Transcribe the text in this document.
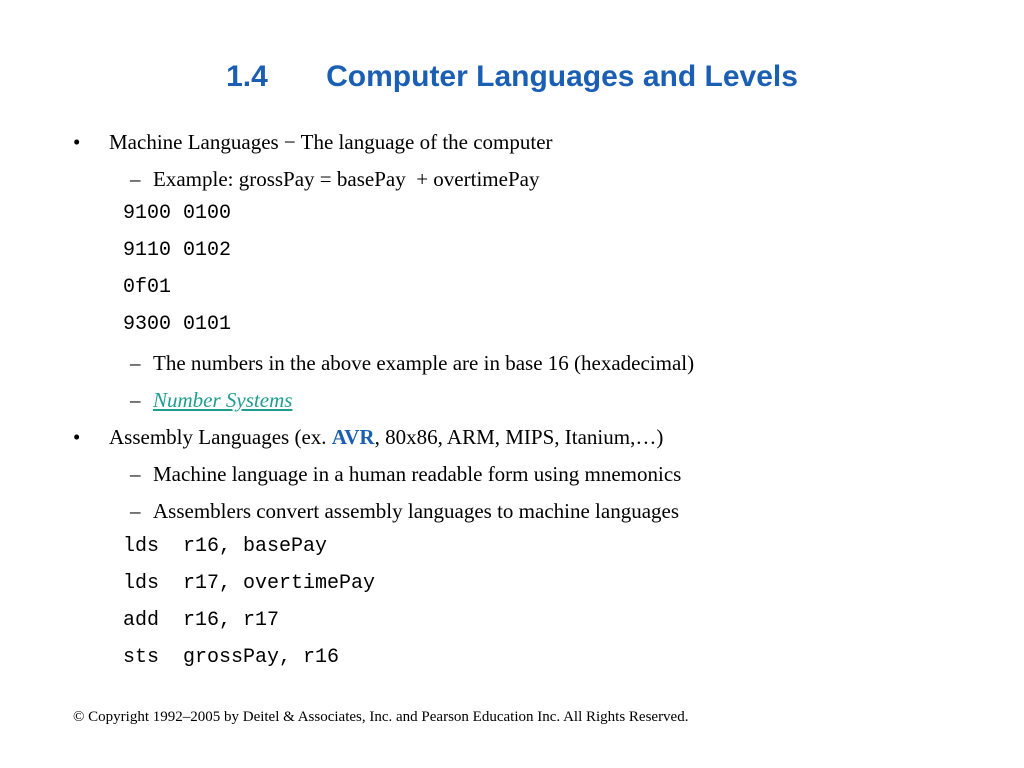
1.4       Computer Languages and Levels
• Machine Languages − The language of the computer
– Example: grossPay = basePay  + overtimePay
9100 0100
9110 0102
0f01
9300 0101
– The numbers in the above example are in base 16 (hexadecimal)
– Number Systems
• Assembly Languages (ex. AVR, 80x86, ARM, MIPS, Itanium,…)
– Machine language in a human readable form using mnemonics
– Assemblers convert assembly languages to machine languages
lds  r16, basePay
lds  r17, overtimePay
add  r16, r17
sts  grossPay, r16
© Copyright 1992–2005 by Deitel & Associates, Inc. and Pearson Education Inc. All Rights Reserved.
